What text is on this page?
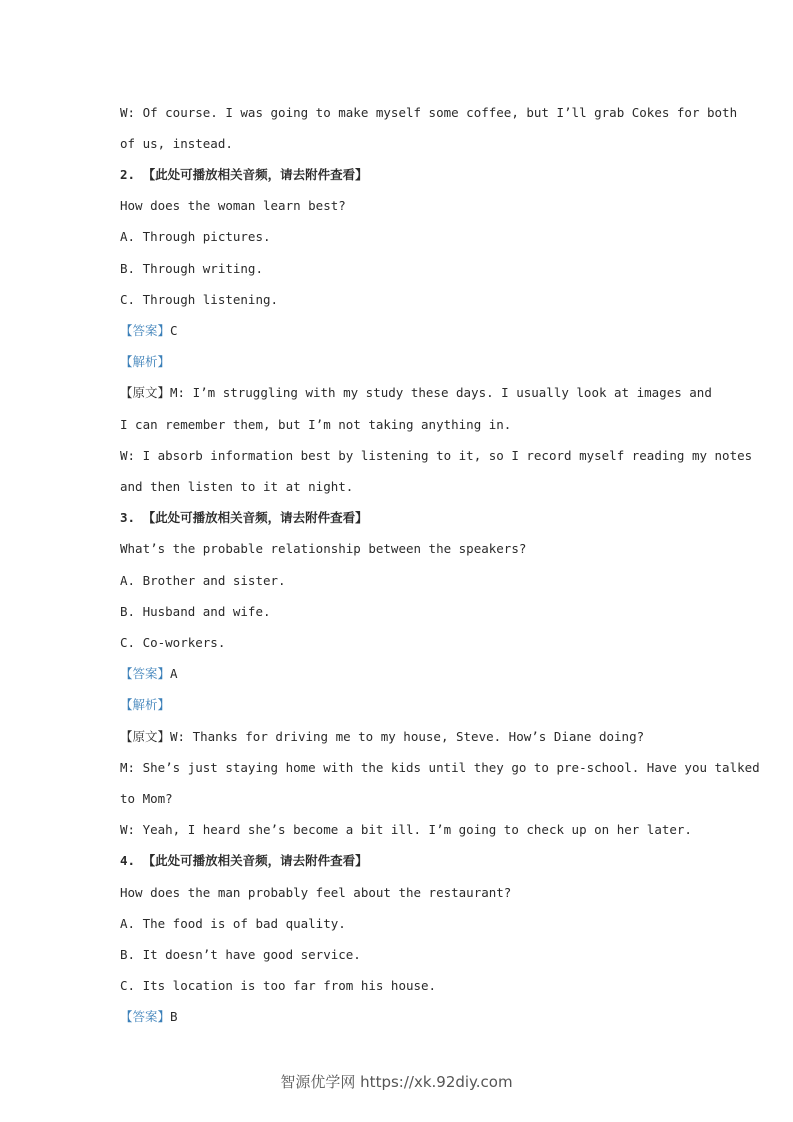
W: Of course. I was going to make myself some coffee, but I’ll grab Cokes for both
of us, instead.
2. 【此处可播放相关音频，请去附件查看】
How does the woman learn best?
A. Through pictures.
B. Through writing.
C. Through listening.
【答案】C
【解析】
【原文】M: I’m struggling with my study these days. I usually look at images and
I can remember them, but I’m not taking anything in.
W: I absorb information best by listening to it, so I record myself reading my notes
and then listen to it at night.
3. 【此处可播放相关音频，请去附件查看】
What’s the probable relationship between the speakers?
A. Brother and sister.
B. Husband and wife.
C. Co-workers.
【答案】A
【解析】
【原文】W: Thanks for driving me to my house, Steve. How’s Diane doing?
M: She’s just staying home with the kids until they go to pre-school. Have you talked
to Mom?
W: Yeah, I heard she’s become a bit ill. I’m going to check up on her later.
4. 【此处可播放相关音频，请去附件查看】
How does the man probably feel about the restaurant?
A. The food is of bad quality.
B. It doesn’t have good service.
C. Its location is too far from his house.
【答案】B
智源优学网 https://xk.92diy.com
